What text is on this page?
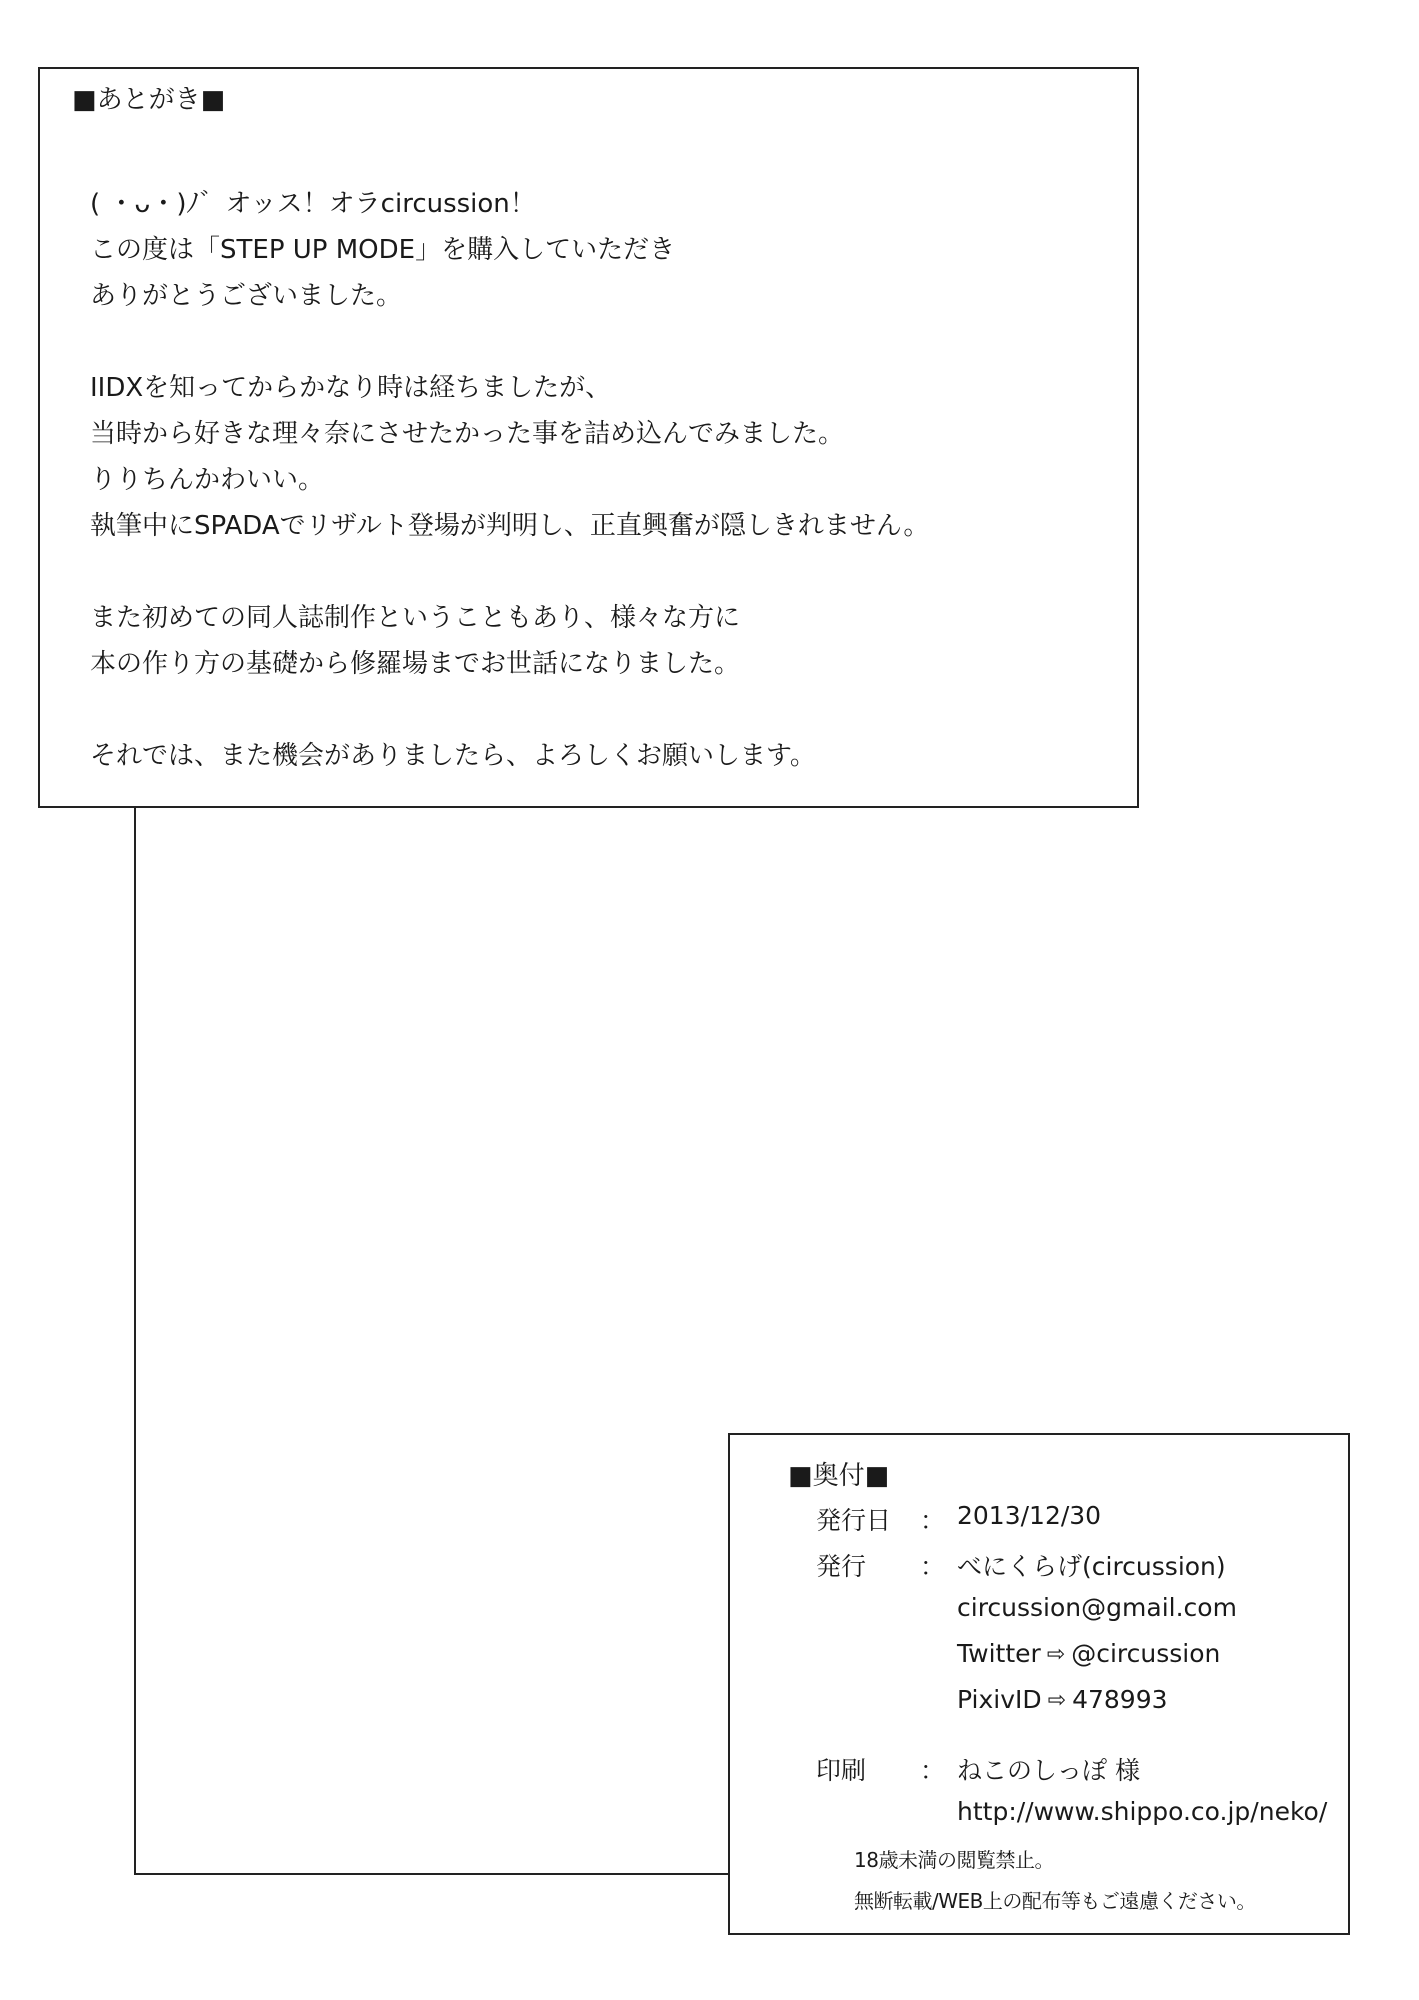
■あとがき■
( ・ᴗ・)ﾉ゛オッス！オラcircussion！
この度は「STEP UP MODE」を購入していただき
ありがとうございました。
IIDXを知ってからかなり時は経ちましたが、
当時から好きな理々奈にさせたかった事を詰め込んでみました。
りりちんかわいい。
執筆中にSPADAでリザルト登場が判明し、正直興奮が隠しきれません。
また初めての同人誌制作ということもあり、様々な方に
本の作り方の基礎から修羅場までお世話になりました。
それでは、また機会がありましたら、よろしくお願いします。
■奥付■
発行日	： 2013/12/30
発行	： べにくらげ(circussion)
circussion@gmail.com
Twitter ⇨ @circussion
PixivID ⇨ 478993
印刷	： ねこのしっぽ 様
http://www.shippo.co.jp/neko/
18歳未満の閲覧禁止。
無断転載/WEB上の配布等もご遠慮ください。
